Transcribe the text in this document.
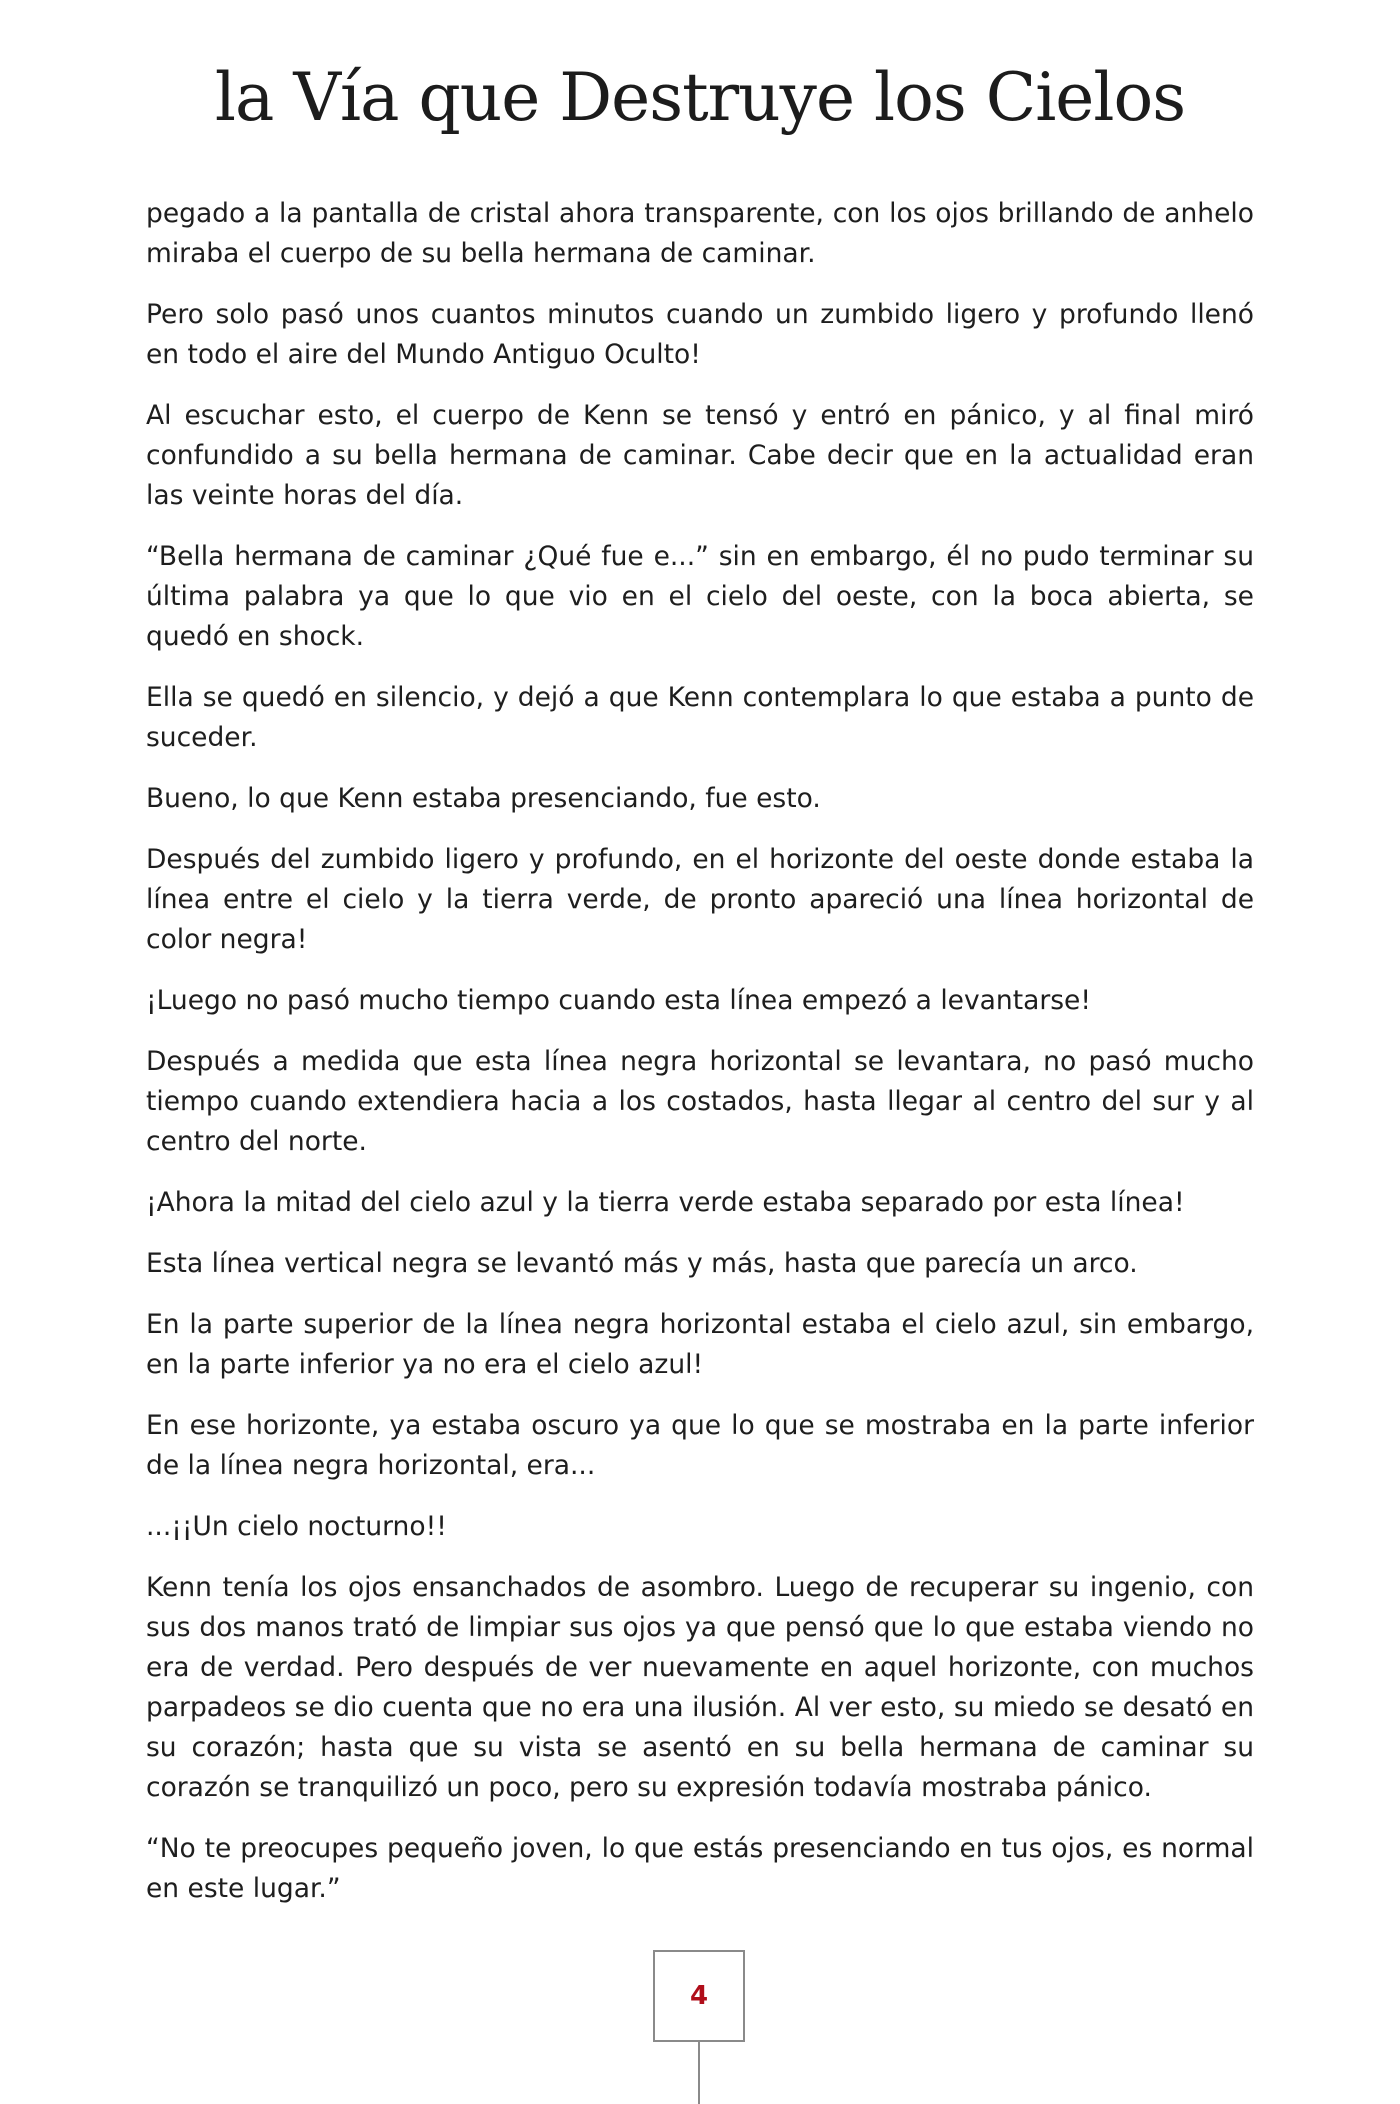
la Vía que Destruye los Cielos

pegado a la pantalla de cristal ahora transparente, con los ojos brillando de anhelo miraba el cuerpo de su bella hermana de caminar.

Pero solo pasó unos cuantos minutos cuando un zumbido ligero y profundo llenó en todo el aire del Mundo Antiguo Oculto!

Al escuchar esto, el cuerpo de Kenn se tensó y entró en pánico, y al final miró confundido a su bella hermana de caminar. Cabe decir que en la actualidad eran las veinte horas del día.

“Bella hermana de caminar ¿Qué fue e...” sin en embargo, él no pudo terminar su última palabra ya que lo que vio en el cielo del oeste, con la boca abierta, se quedó en shock.

Ella se quedó en silencio, y dejó a que Kenn contemplara lo que estaba a punto de suceder.

Bueno, lo que Kenn estaba presenciando, fue esto.

Después del zumbido ligero y profundo, en el horizonte del oeste donde estaba la línea entre el cielo y la tierra verde, de pronto apareció una línea horizontal de color negra!

¡Luego no pasó mucho tiempo cuando esta línea empezó a levantarse!

Después a medida que esta línea negra horizontal se levantara, no pasó mucho tiempo cuando extendiera hacia a los costados, hasta llegar al centro del sur y al centro del norte.

¡Ahora la mitad del cielo azul y la tierra verde estaba separado por esta línea!

Esta línea vertical negra se levantó más y más, hasta que parecía un arco.

En la parte superior de la línea negra horizontal estaba el cielo azul, sin embargo, en la parte inferior ya no era el cielo azul!

En ese horizonte, ya estaba oscuro ya que lo que se mostraba en la parte inferior de la línea negra horizontal, era...

...¡¡Un cielo nocturno!!

Kenn tenía los ojos ensanchados de asombro. Luego de recuperar su ingenio, con sus dos manos trató de limpiar sus ojos ya que pensó que lo que estaba viendo no era de verdad. Pero después de ver nuevamente en aquel horizonte, con muchos parpadeos se dio cuenta que no era una ilusión. Al ver esto, su miedo se desató en su corazón; hasta que su vista se asentó en su bella hermana de caminar su corazón se tranquilizó un poco, pero su expresión todavía mostraba pánico.

“No te preocupes pequeño joven, lo que estás presenciando en tus ojos, es normal en este lugar.”

4
